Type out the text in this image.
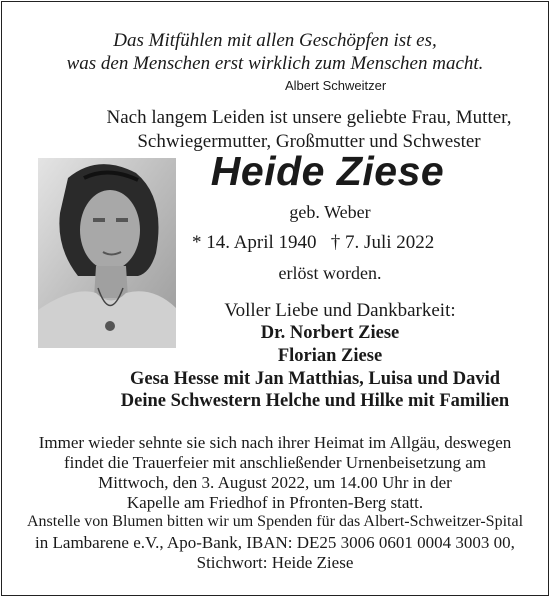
Das Mitfühlen mit allen Geschöpfen ist es,
was den Menschen erst wirklich zum Menschen macht.
Albert Schweitzer
Nach langem Leiden ist unsere geliebte Frau, Mutter,
Schwiegermutter, Großmutter und Schwester
Heide Ziese
geb. Weber
* 14. April 1940   † 7. Juli 2022
erlöst worden.
Voller Liebe und Dankbarkeit:
Dr. Norbert Ziese
Florian Ziese
Gesa Hesse mit Jan Matthias, Luisa und David
Deine Schwestern Helche und Hilke mit Familien
Immer wieder sehnte sie sich nach ihrer Heimat im Allgäu, deswegen
findet die Trauerfeier mit anschließender Urnenbeisetzung am
Mittwoch, den 3. August 2022, um 14.00 Uhr in der
Kapelle am Friedhof in Pfronten-Berg statt.
Anstelle von Blumen bitten wir um Spenden für das Albert-Schweitzer-Spital
in Lambarene e.V., Apo-Bank, IBAN: DE25 3006 0601 0004 3003 00,
Stichwort: Heide Ziese
